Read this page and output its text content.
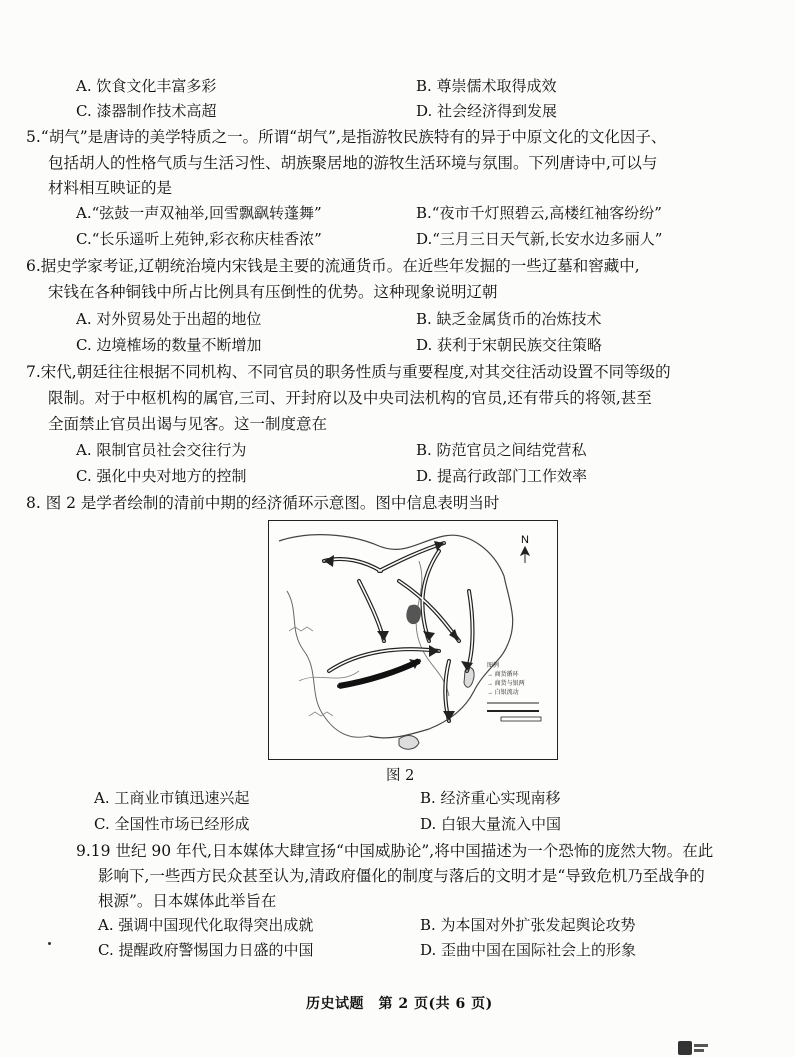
A. 饮食文化丰富多彩	B. 尊崇儒术取得成效
C. 漆器制作技术高超	D. 社会经济得到发展
5.“胡气”是唐诗的美学特质之一。所谓“胡气”,是指游牧民族特有的异于中原文化的文化因子、
包括胡人的性格气质与生活习性、胡族聚居地的游牧生活环境与氛围。下列唐诗中,可以与
材料相互映证的是
A.“弦鼓一声双袖举,回雪飘飖转蓬舞”	B.“夜市千灯照碧云,高楼红袖客纷纷”
C.“长乐遥听上苑钟,彩衣称庆桂香浓”	D.“三月三日天气新,长安水边多丽人”
6.据史学家考证,辽朝统治境内宋钱是主要的流通货币。在近些年发掘的一些辽墓和窖藏中,
宋钱在各种铜钱中所占比例具有压倒性的优势。这种现象说明辽朝
A. 对外贸易处于出超的地位	B. 缺乏金属货币的冶炼技术
C. 边境榷场的数量不断增加	D. 获利于宋朝民族交往策略
7.宋代,朝廷往往根据不同机构、不同官员的职务性质与重要程度,对其交往活动设置不同等级的
限制。对于中枢机构的属官,三司、开封府以及中央司法机构的官员,还有带兵的将领,甚至
全面禁止官员出谒与见客。这一制度意在
A. 限制官员社会交往行为	B. 防范官员之间结党营私
C. 强化中央对地方的控制	D. 提高行政部门工作效率
8. 图 2 是学者绘制的清前中期的经济循环示意图。图中信息表明当时
N
图例
→ 商货循环
→ 商货与银两
→ 白银流动
图 2
A. 工商业市镇迅速兴起	B. 经济重心实现南移
C. 全国性市场已经形成	D. 白银大量流入中国
9.19 世纪 90 年代,日本媒体大肆宣扬“中国威胁论”,将中国描述为一个恐怖的庞然大物。在此
影响下,一些西方民众甚至认为,清政府僵化的制度与落后的文明才是“导致危机乃至战争的
根源”。日本媒体此举旨在
A. 强调中国现代化取得突出成就	B. 为本国对外扩张发起舆论攻势
C. 提醒政府警惕国力日盛的中国	D. 歪曲中国在国际社会上的形象
历史试题　第 2 页(共 6 页)
